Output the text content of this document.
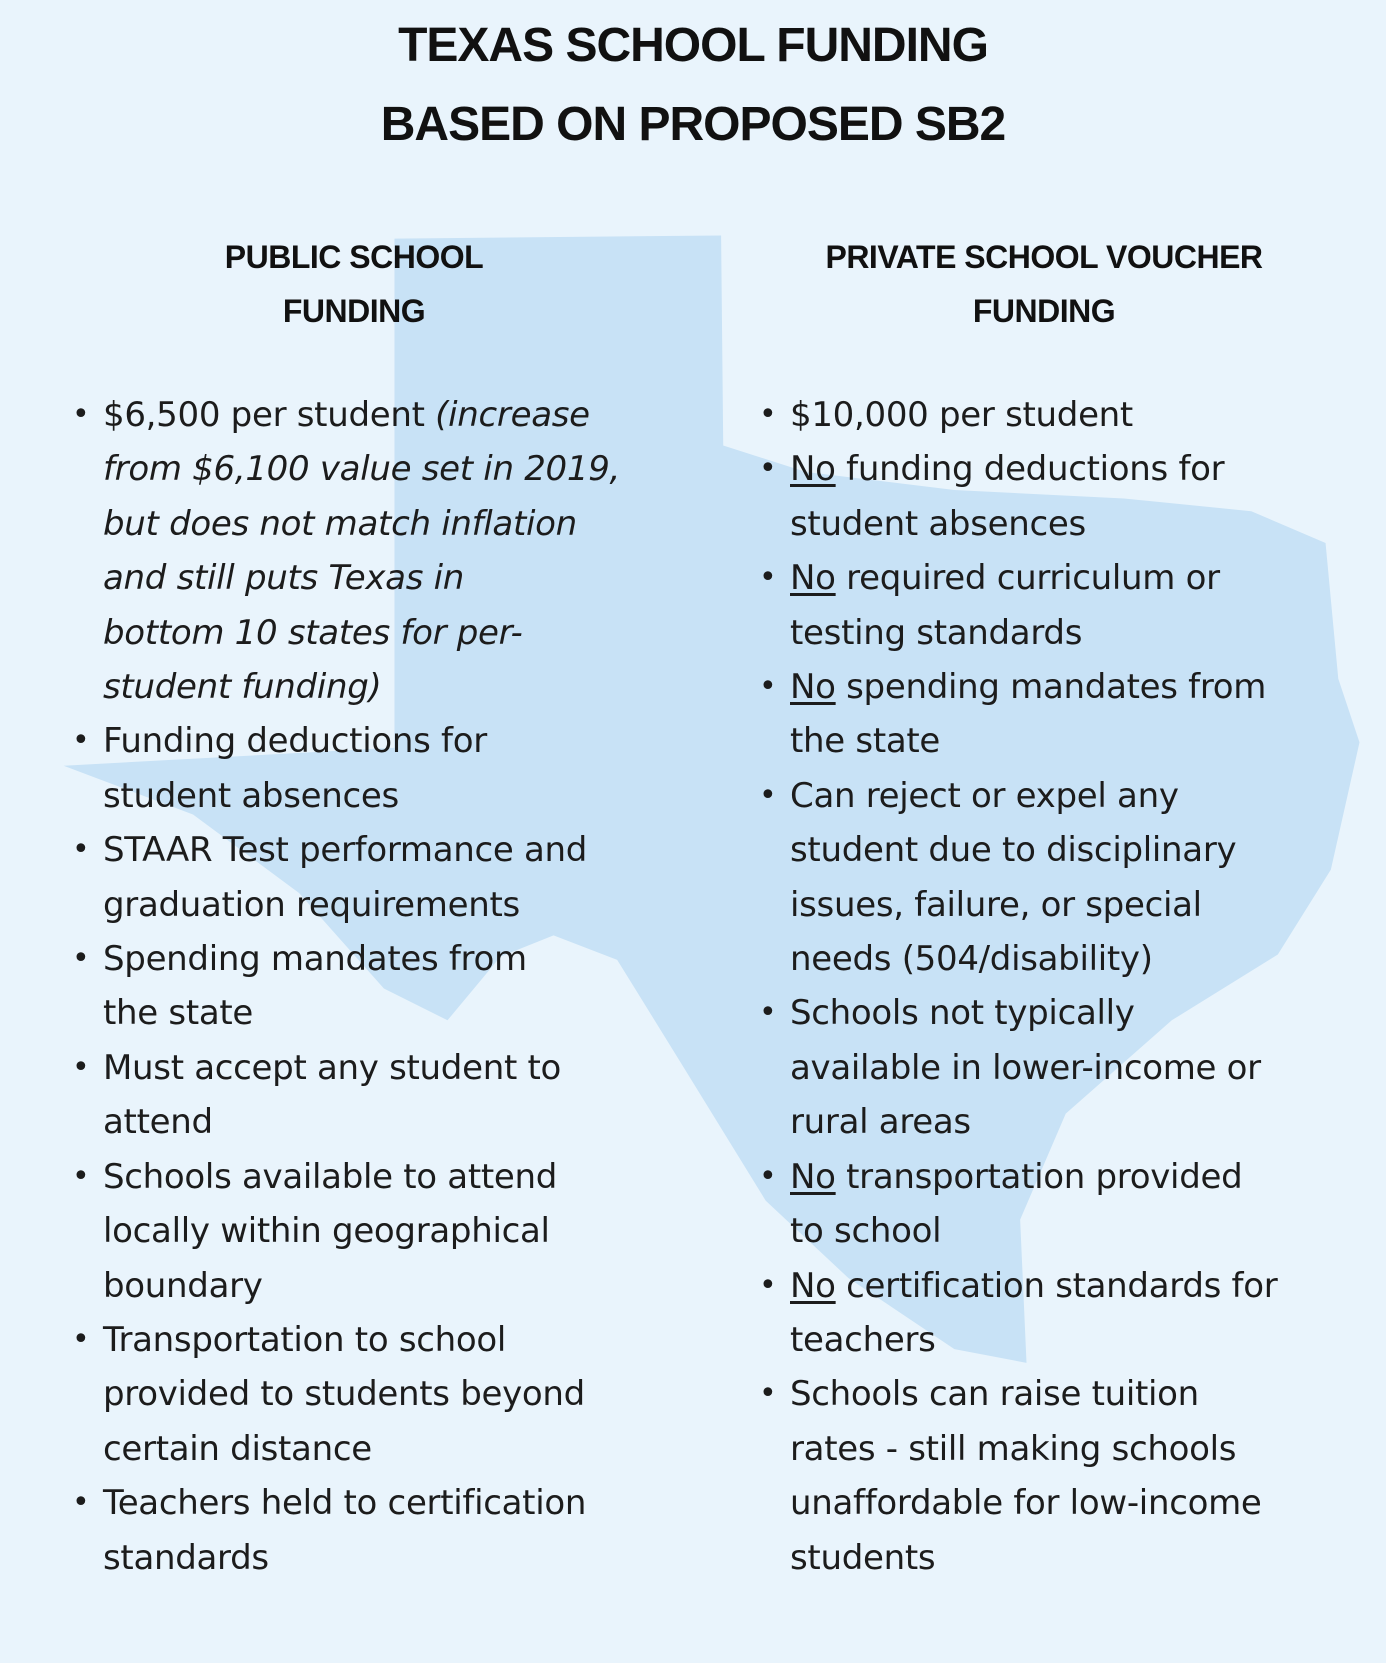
TEXAS SCHOOL FUNDING
BASED ON PROPOSED SB2
PUBLIC SCHOOL
FUNDING
PRIVATE SCHOOL VOUCHER
FUNDING
• $6,500 per student (increase
from $6,100 value set in 2019,
but does not match inflation
and still puts Texas in
bottom 10 states for per-
student funding)
• Funding deductions for
student absences
• STAAR Test performance and
graduation requirements
• Spending mandates from
the state
• Must accept any student to
attend
• Schools available to attend
locally within geographical
boundary
• Transportation to school
provided to students beyond
certain distance
• Teachers held to certification
standards
• $10,000 per student
• No funding deductions for
student absences
• No required curriculum or
testing standards
• No spending mandates from
the state
• Can reject or expel any
student due to disciplinary
issues, failure, or special
needs (504/disability)
• Schools not typically
available in lower-income or
rural areas
• No transportation provided
to school
• No certification standards for
teachers
• Schools can raise tuition
rates - still making schools
unaffordable for low-income
students
